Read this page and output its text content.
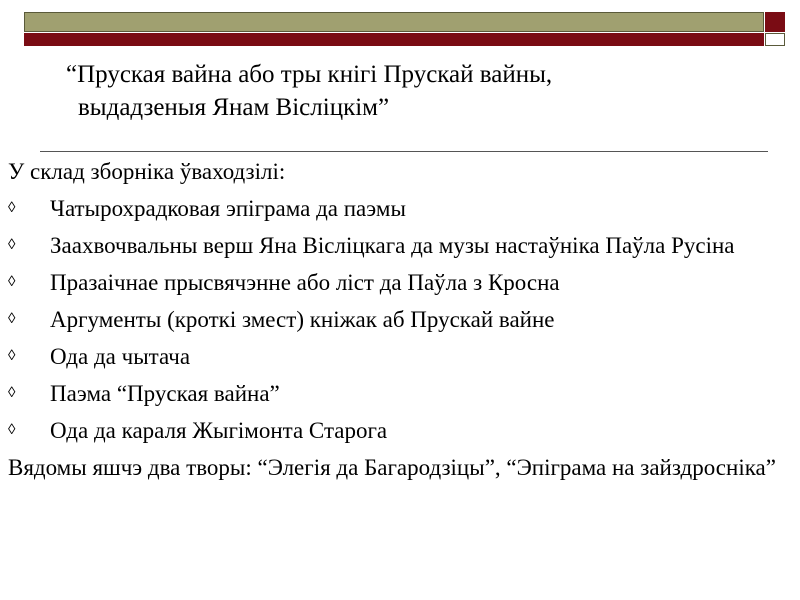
“Пруская вайна або тры кнігі Прускай вайны,
выдадзеныя Янам Вісліцкім”

У склад зборніка ўваходзілі:

◊ Чатырохрадковая эпіграма да паэмы
◊ Заахвочвальны верш Яна Вісліцкага да музы настаўніка Паўла Русіна
◊ Празаічнае прысвячэнне або ліст да Паўла з Кросна
◊ Аргументы (кроткі змест) кніжак аб Прускай вайне
◊ Ода да чытача
◊ Паэма “Пруская вайна”
◊ Ода да караля Жыгімонта Старога

Вядомы яшчэ два творы: “Элегія да Багародзіцы”, “Эпіграма на зайздросніка”
